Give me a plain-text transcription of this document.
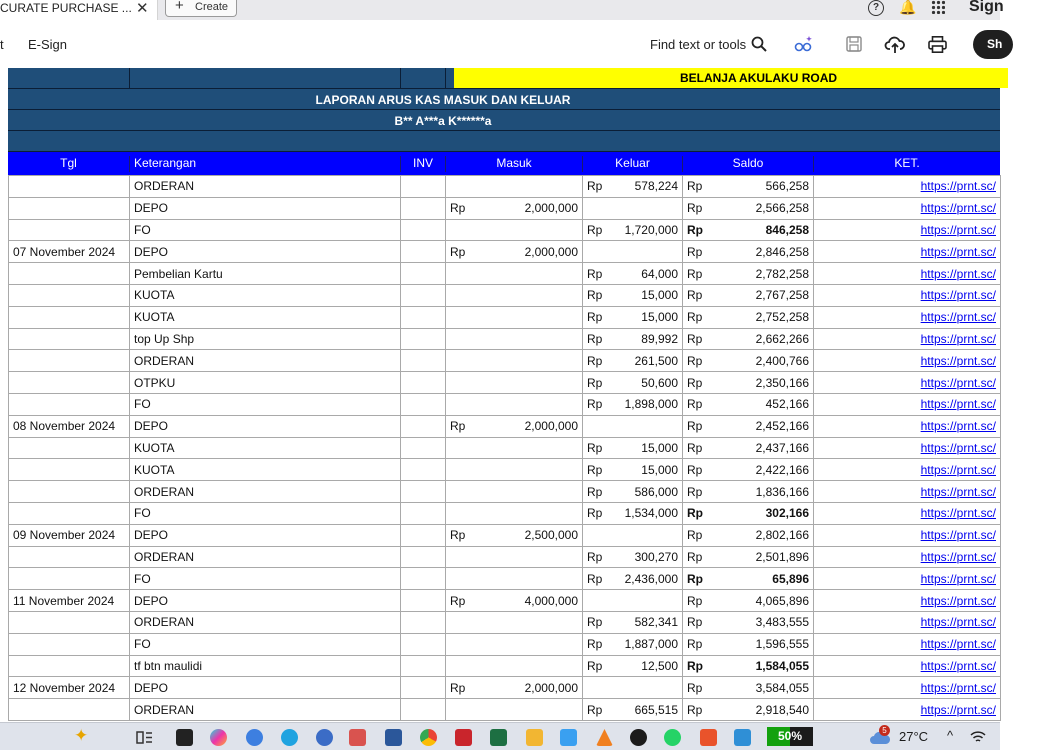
CURATE PURCHASE ... ✕ + Create	?	🔔	Sign
t E-Sign	Find text or tools	Sh
BELANJA AKULAKU ROAD
LAPORAN ARUS KAS MASUK DAN KELUAR
B** A***a K******a
Tgl	Keterangan	INV	Masuk	Keluar	Saldo	KET.
	ORDERAN				Rp	578,224	Rp	566,258	https://prnt.sc/
	DEPO		Rp	2,000,000			Rp	2,566,258	https://prnt.sc/
	FO				Rp	1,720,000	Rp	846,258	https://prnt.sc/
07 November 2024	DEPO		Rp	2,000,000			Rp	2,846,258	https://prnt.sc/
	Pembelian Kartu				Rp	64,000	Rp	2,782,258	https://prnt.sc/
	KUOTA				Rp	15,000	Rp	2,767,258	https://prnt.sc/
	KUOTA				Rp	15,000	Rp	2,752,258	https://prnt.sc/
	top Up Shp				Rp	89,992	Rp	2,662,266	https://prnt.sc/
	ORDERAN				Rp	261,500	Rp	2,400,766	https://prnt.sc/
	OTPKU				Rp	50,600	Rp	2,350,166	https://prnt.sc/
	FO				Rp	1,898,000	Rp	452,166	https://prnt.sc/
08 November 2024	DEPO		Rp	2,000,000			Rp	2,452,166	https://prnt.sc/
	KUOTA				Rp	15,000	Rp	2,437,166	https://prnt.sc/
	KUOTA				Rp	15,000	Rp	2,422,166	https://prnt.sc/
	ORDERAN				Rp	586,000	Rp	1,836,166	https://prnt.sc/
	FO				Rp	1,534,000	Rp	302,166	https://prnt.sc/
09 November 2024	DEPO		Rp	2,500,000			Rp	2,802,166	https://prnt.sc/
	ORDERAN				Rp	300,270	Rp	2,501,896	https://prnt.sc/
	FO				Rp	2,436,000	Rp	65,896	https://prnt.sc/
11 November 2024	DEPO		Rp	4,000,000			Rp	4,065,896	https://prnt.sc/
	ORDERAN				Rp	582,341	Rp	3,483,555	https://prnt.sc/
	FO				Rp	1,887,000	Rp	1,596,555	https://prnt.sc/
	tf btn maulidi				Rp	12,500	Rp	1,584,055	https://prnt.sc/
12 November 2024	DEPO		Rp	2,000,000			Rp	3,584,055	https://prnt.sc/
	ORDERAN				Rp	665,515	Rp	2,918,540	https://prnt.sc/
✦	50%	5 27°C ^
